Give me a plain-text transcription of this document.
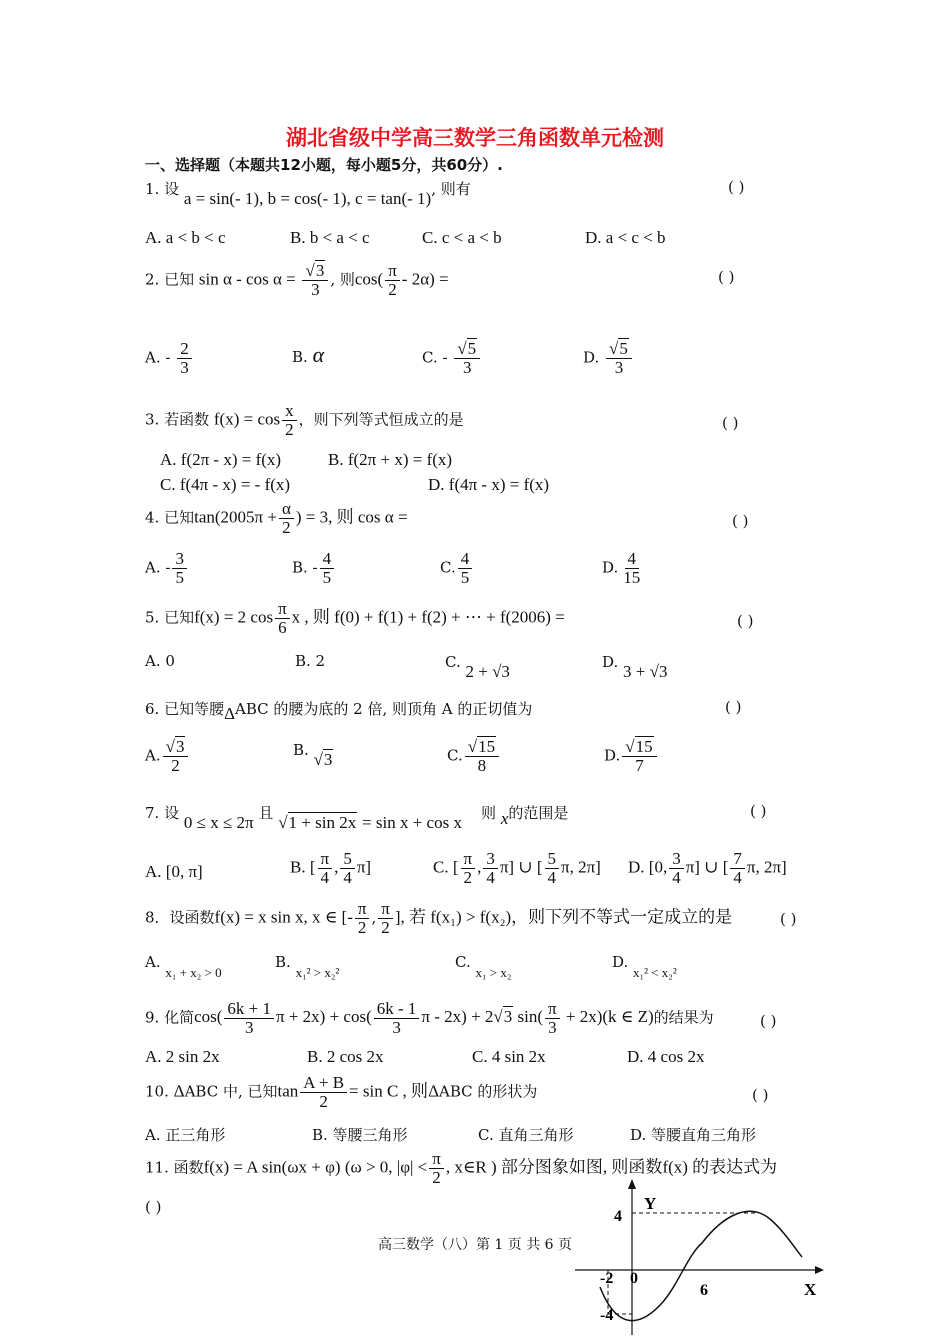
湖北省级中学高三数学三角函数单元检测
一、选择题（本题共12小题，每小题5分，共60分）.
1. 设 a = sin(- 1), b = cos(- 1), c = tan(- 1), 则有	( )
A. a < b < c	B. b < a < c	C. c < a < b	D. a < c < b
2. 已知 $\sin \alpha - \cos \alpha = \frac{√3}{3}$ , 则$\cos( \frac{\pi}{2} - 2\alpha)$ =	( )
A. - $\frac{2}{3}$	B. α	C. - $\frac{√5}{3}$	D. $\frac{√5}{3}$
3. 若函数 $f(x) = \cos \frac{x}{2}$ ，则下列等式恒成立的是	( )
A. f(2π - x) = f(x)	B. f(2π + x) = f(x)
C. f(4π - x) = - f(x)	D. f(4π - x) = f(x)
4. 已知$\tan(2005\pi + \frac{\alpha}{2}$ ) = 3, 则 cos α =	( )
A. - $\frac{3}{5}$	B. - $\frac{4}{5}$	C. $\frac{4}{5}$	D. $\frac{4}{15}$
5. 已知f(x) = 2 $\cos \frac{\pi}{6}$ x , 则 f(0) + f(1) + f(2) + ⋯ + f(2006) =	( )
A. 0	B. 2	C. 2 + √3	D. 3 + √3
6. 已知等腰ΔABC 的腰为底的 2 倍, 则顶角 A 的正切值为	( )
A. $\frac{√3}{2}$	B. √3	C. $\frac{√15}{8}$	D. $\frac{√15}{7}$
7. 设 0 ≤ x ≤ 2π 且 √1 + sin 2x = sin x + cos x 则 x的范围是	( )
A. [0, π]	B. [ $\frac{\pi}{4}$ , $\frac{5}{4} \pi$]	C. [ $\frac{\pi}{2}$ , $\frac{3}{4} \pi$] ∪ [ $\frac{5}{4} \pi$, 2π] D. [0, $\frac{3}{4} \pi$] ∪ [ $\frac{7}{4} \pi$, 2π]
8．设函数f(x) = x sin x, x ∈ [- $\frac{\pi}{2}$ , $\frac{\pi}{2}$ ], 若 f(x₁) > f(x₂)，则下列不等式一定成立的是	( )
A. x₁ + x₂ > 0
B. x₁² > x₂²
C. x₁ > x₂
D. x₁² < x₂²
9. 化简$\cos( \frac{6k + 1}{3}$ $\pi + 2x) + \cos( \frac{6k - 1}{3}$ π - 2x) + 2√3 $\sin( \frac{\pi}{3} + 2x)(k$ ∈ Z)的结果为	( )
A. 2 sin 2x	B. 2 cos 2x	C. 4 sin 2x	D. 4 cos 2x
10. ΔABC 中, 已知$\tan \frac{A + B}{2} = \sin C$ , 则ΔABC 的形状为	( )
A. 正三角形	B. 等腰三角形	C. 直角三角形	D. 等腰直角三角形
11. 函数f(x) = A sin(ωx + φ) (ω > 0, $|\varphi| < \frac{\pi}{2}$ , x∈R ) 部分图象如图, 则函数f(x) 的表达式为
( )
高三数学（八）第 1 页 共 6 页
Y
X
4
-2 0
6
-4
